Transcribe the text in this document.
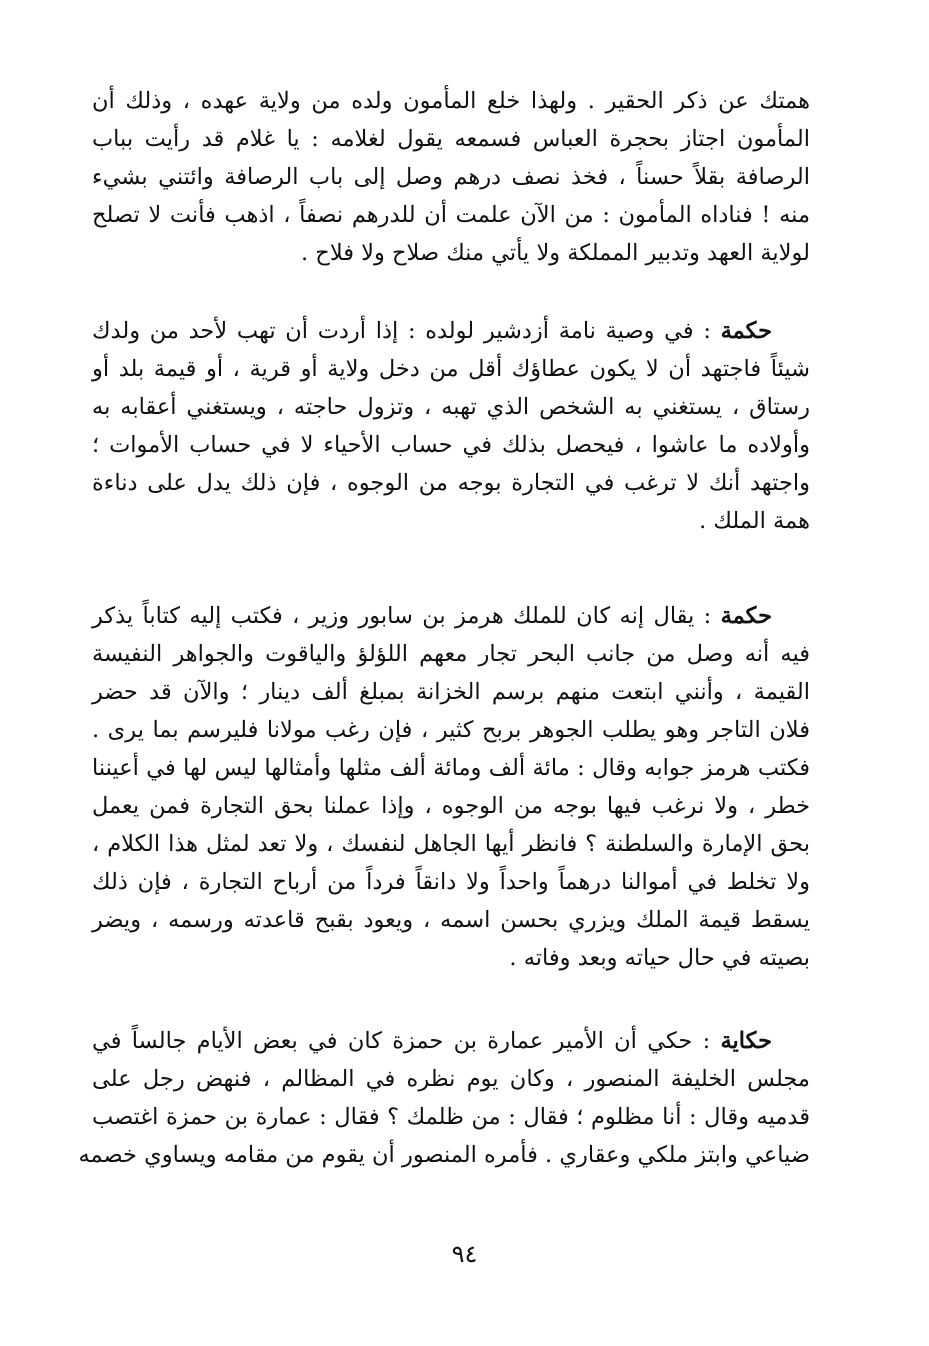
همتك عن ذكر الحقير . ولهذا خلع المأمون ولده من ولاية عهده ، وذلك أن
المأمون اجتاز بحجرة العباس فسمعه يقول لغلامه : يا غلام قد رأيت بباب
الرصافة بقلاً حسناً ، فخذ نصف درهم وصل إلى باب الرصافة وائتني بشيء
منه ! فناداه المأمون : من الآن علمت أن للدرهم نصفاً ، اذهب فأنت لا تصلح
لولاية العهد وتدبير المملكة ولا يأتي منك صلاح ولا فلاح .
حكمة : في وصية نامة أزدشير لولده : إذا أردت أن تهب لأحد من ولدك
شيئاً فاجتهد أن لا يكون عطاؤك أقل من دخل ولاية أو قرية ، أو قيمة بلد أو
رستاق ، يستغني به الشخص الذي تهبه ، وتزول حاجته ، ويستغني أعقابه به
وأولاده ما عاشوا ، فيحصل بذلك في حساب الأحياء لا في حساب الأموات ؛
واجتهد أنك لا ترغب في التجارة بوجه من الوجوه ، فإن ذلك يدل على دناءة
همة الملك .
حكمة : يقال إنه كان للملك هرمز بن سابور وزير ، فكتب إليه كتاباً يذكر
فيه أنه وصل من جانب البحر تجار معهم اللؤلؤ والياقوت والجواهر النفيسة
القيمة ، وأنني ابتعت منهم برسم الخزانة بمبلغ ألف دينار ؛ والآن قد حضر
فلان التاجر وهو يطلب الجوهر بربح كثير ، فإن رغب مولانا فليرسم بما يرى .
فكتب هرمز جوابه وقال : مائة ألف ومائة ألف مثلها وأمثالها ليس لها في أعيننا
خطر ، ولا نرغب فيها بوجه من الوجوه ، وإذا عملنا بحق التجارة فمن يعمل
بحق الإمارة والسلطنة ؟ فانظر أيها الجاهل لنفسك ، ولا تعد لمثل هذا الكلام ،
ولا تخلط في أموالنا درهماً واحداً ولا دانقاً فرداً من أرباح التجارة ، فإن ذلك
يسقط قيمة الملك ويزري بحسن اسمه ، ويعود بقبح قاعدته ورسمه ، ويضر
بصيته في حال حياته وبعد وفاته .
حكاية : حكي أن الأمير عمارة بن حمزة كان في بعض الأيام جالساً في
مجلس الخليفة المنصور ، وكان يوم نظره في المظالم ، فنهض رجل على
قدميه وقال : أنا مظلوم ؛ فقال : من ظلمك ؟ فقال : عمارة بن حمزة اغتصب
ضياعي وابتز ملكي وعقاري . فأمره المنصور أن يقوم من مقامه ويساوي خصمه
٩٤
